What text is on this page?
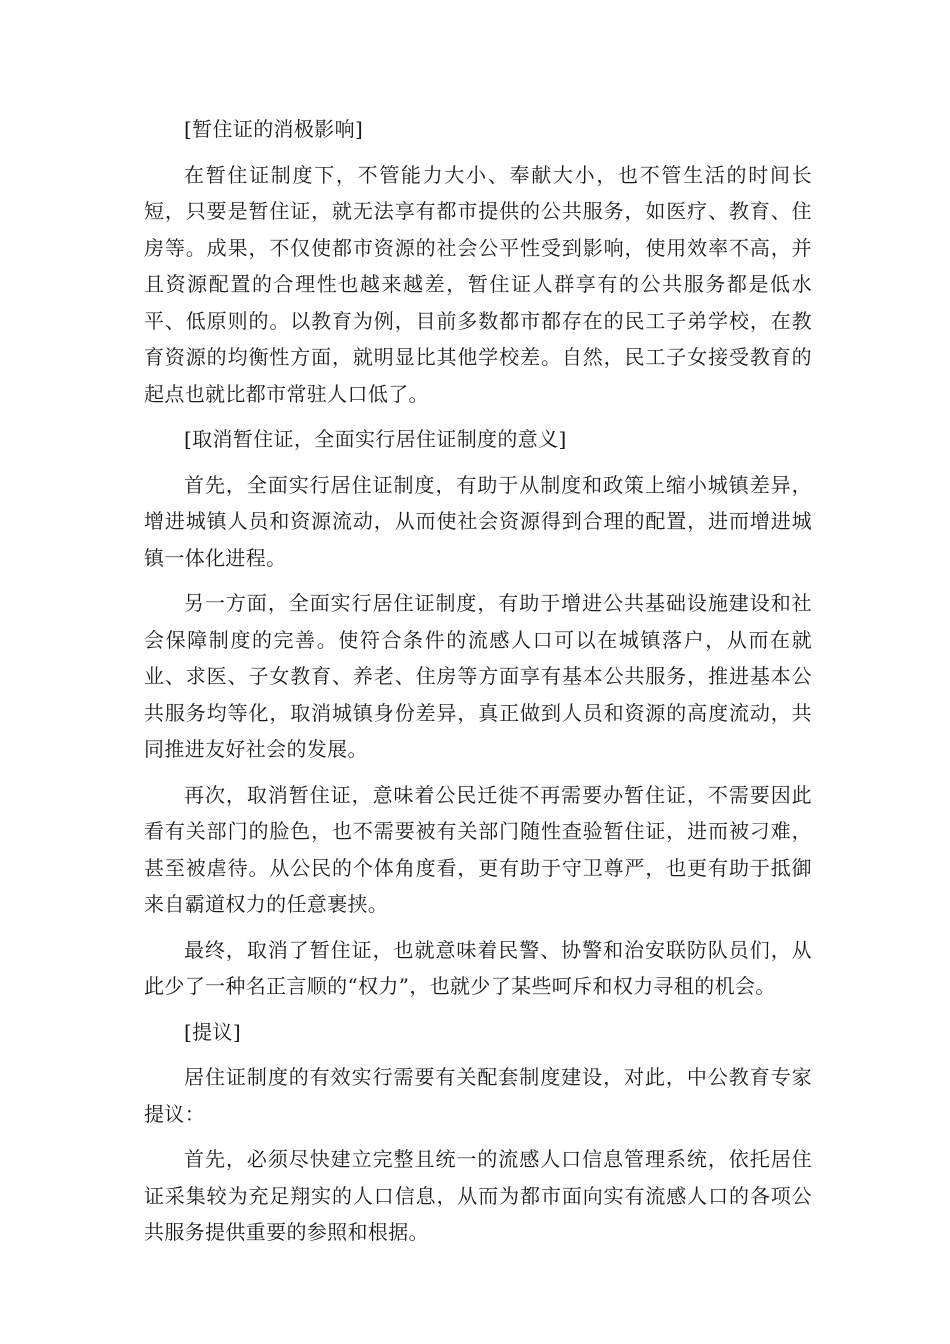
[暂住证的消极影响]

在暂住证制度下，不管能力大小、奉献大小，也不管生活的时间长短，只要是暂住证，就无法享有都市提供的公共服务，如医疗、教育、住房等。成果，不仅使都市资源的社会公平性受到影响，使用效率不高，并且资源配置的合理性也越来越差，暂住证人群享有的公共服务都是低水平、低原则的。以教育为例，目前多数都市都存在的民工子弟学校，在教育资源的均衡性方面，就明显比其他学校差。自然，民工子女接受教育的起点也就比都市常驻人口低了。

[取消暂住证，全面实行居住证制度的意义]

首先，全面实行居住证制度，有助于从制度和政策上缩小城镇差异，增进城镇人员和资源流动，从而使社会资源得到合理的配置，进而增进城镇一体化进程。

另一方面，全面实行居住证制度，有助于增进公共基础设施建设和社会保障制度的完善。使符合条件的流感人口可以在城镇落户，从而在就业、求医、子女教育、养老、住房等方面享有基本公共服务，推进基本公共服务均等化，取消城镇身份差异，真正做到人员和资源的高度流动，共同推进友好社会的发展。

再次，取消暂住证，意味着公民迁徙不再需要办暂住证，不需要因此看有关部门的脸色，也不需要被有关部门随性查验暂住证，进而被刁难，甚至被虐待。从公民的个体角度看，更有助于守卫尊严，也更有助于抵御来自霸道权力的任意裹挟。

最终，取消了暂住证，也就意味着民警、协警和治安联防队员们，从此少了一种名正言顺的“权力”，也就少了某些呵斥和权力寻租的机会。

[提议]

居住证制度的有效实行需要有关配套制度建设，对此，中公教育专家提议：

首先，必须尽快建立完整且统一的流感人口信息管理系统，依托居住证采集较为充足翔实的人口信息，从而为都市面向实有流感人口的各项公共服务提供重要的参照和根据。
